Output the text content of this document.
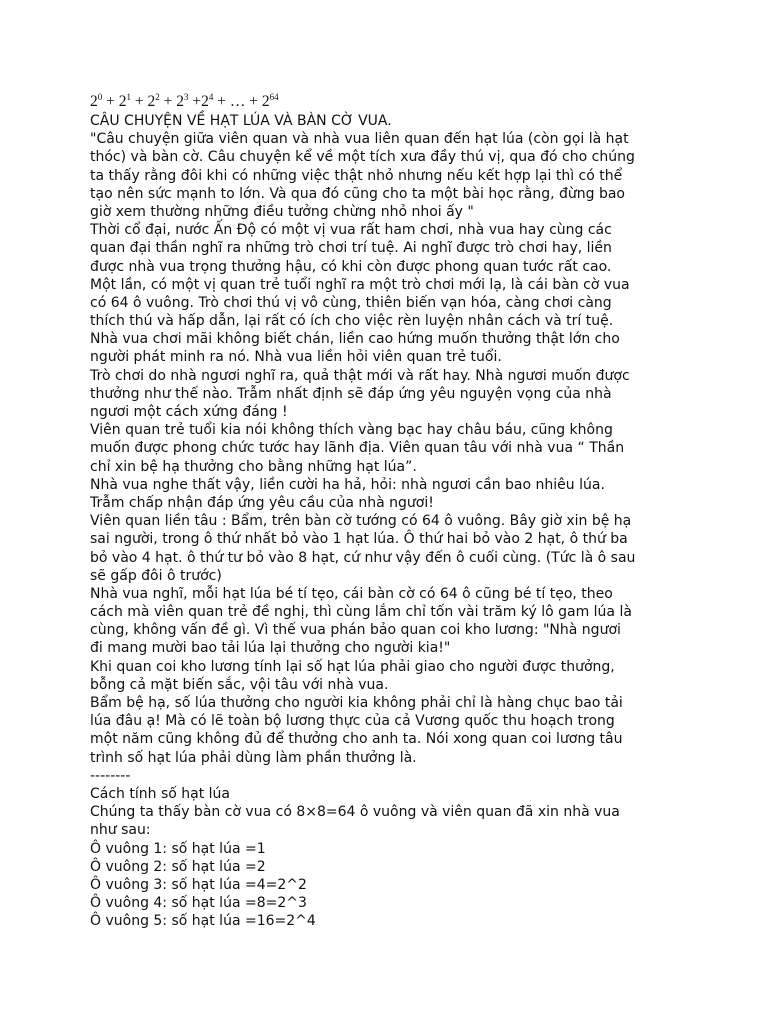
$2^0 + 2^1 + 2^2 + 2^3 +2^4$ + … + $2^{64}$
CÂU CHUYỆN VỀ HẠT LÚA VÀ BÀN CỜ VUA.
"Câu chuyện giữa viên quan và nhà vua liên quan đến hạt lúa (còn gọi là hạt
thóc) và bàn cờ. Câu chuyện kể về một tích xưa đầy thú vị, qua đó cho chúng
ta thấy rằng đôi khi có những việc thật nhỏ nhưng nếu kết hợp lại thì có thể
tạo nên sức mạnh to lớn. Và qua đó cũng cho ta một bài học rằng, đừng bao
giờ xem thường những điều tưởng chừng nhỏ nhoi ấy "
Thời cổ đại, nước Ấn Độ có một vị vua rất ham chơi, nhà vua hay cùng các
quan đại thần nghĩ ra những trò chơi trí tuệ. Ai nghĩ được trò chơi hay, liền
được nhà vua trọng thưởng hậu, có khi còn được phong quan tước rất cao.
Một lần, có một vị quan trẻ tuổi nghĩ ra một trò chơi mới lạ, là cái bàn cờ vua
có 64 ô vuông. Trò chơi thú vị vô cùng, thiên biến vạn hóa, càng chơi càng
thích thú và hấp dẫn, lại rất có ích cho việc rèn luyện nhân cách và trí tuệ.
Nhà vua chơi mãi không biết chán, liền cao hứng muốn thưởng thật lớn cho
người phát minh ra nó. Nhà vua liền hỏi viên quan trẻ tuổi.
Trò chơi do nhà ngươi nghĩ ra, quả thật mới và rất hay. Nhà ngươi muốn được
thưởng như thế nào. Trẫm nhất định sẽ đáp ứng yêu nguyện vọng của nhà
ngươi một cách xứng đáng !
Viên quan trẻ tuổi kia nói không thích vàng bạc hay châu báu, cũng không
muốn được phong chức tước hay lãnh địa. Viên quan tâu với nhà vua “ Thần
chỉ xin bệ hạ thưởng cho bằng những hạt lúa”.
Nhà vua nghe thất vậy, liền cười ha hả, hỏi: nhà ngươi cần bao nhiêu lúa.
Trẫm chấp nhận đáp ứng yêu cầu của nhà ngươi!
Viên quan liền tâu : Bẩm, trên bàn cờ tướng có 64 ô vuông. Bây giờ xin bệ hạ
sai người, trong ô thứ nhất bỏ vào 1 hạt lúa. Ô thứ hai bỏ vào 2 hạt, ô thứ ba
bỏ vào 4 hạt. ô thứ tư bỏ vào 8 hạt, cứ như vậy đến ô cuối cùng. (Tức là ô sau
sẽ gấp đôi ô trước)
Nhà vua nghĩ, mỗi hạt lúa bé tí tẹo, cái bàn cờ có 64 ô cũng bé tí tẹo, theo
cách mà viên quan trẻ đề nghị, thì cùng lắm chỉ tốn vài trăm ký lô gam lúa là
cùng, không vấn đề gì. Vì thế vua phán bảo quan coi kho lương: "Nhà ngươi
đi mang mười bao tải lúa lại thưởng cho người kia!"
Khi quan coi kho lương tính lại số hạt lúa phải giao cho người được thưởng,
bỗng cả mặt biến sắc, vội tâu với nhà vua.
Bẩm bệ hạ, số lúa thưởng cho người kia không phải chỉ là hàng chục bao tải
lúa đâu ạ! Mà có lẽ toàn bộ lương thực của cả Vương quốc thu hoạch trong
một năm cũng không đủ để thưởng cho anh ta. Nói xong quan coi lương tâu
trình số hạt lúa phải dùng làm phần thưởng là.
--------
Cách tính số hạt lúa
Chúng ta thấy bàn cờ vua có 8×8=64 ô vuông và viên quan đã xin nhà vua
như sau:
Ô vuông 1: số hạt lúa =1
Ô vuông 2: số hạt lúa =2
Ô vuông 3: số hạt lúa =4=2^2
Ô vuông 4: số hạt lúa =8=2^3
Ô vuông 5: số hạt lúa =16=2^4
